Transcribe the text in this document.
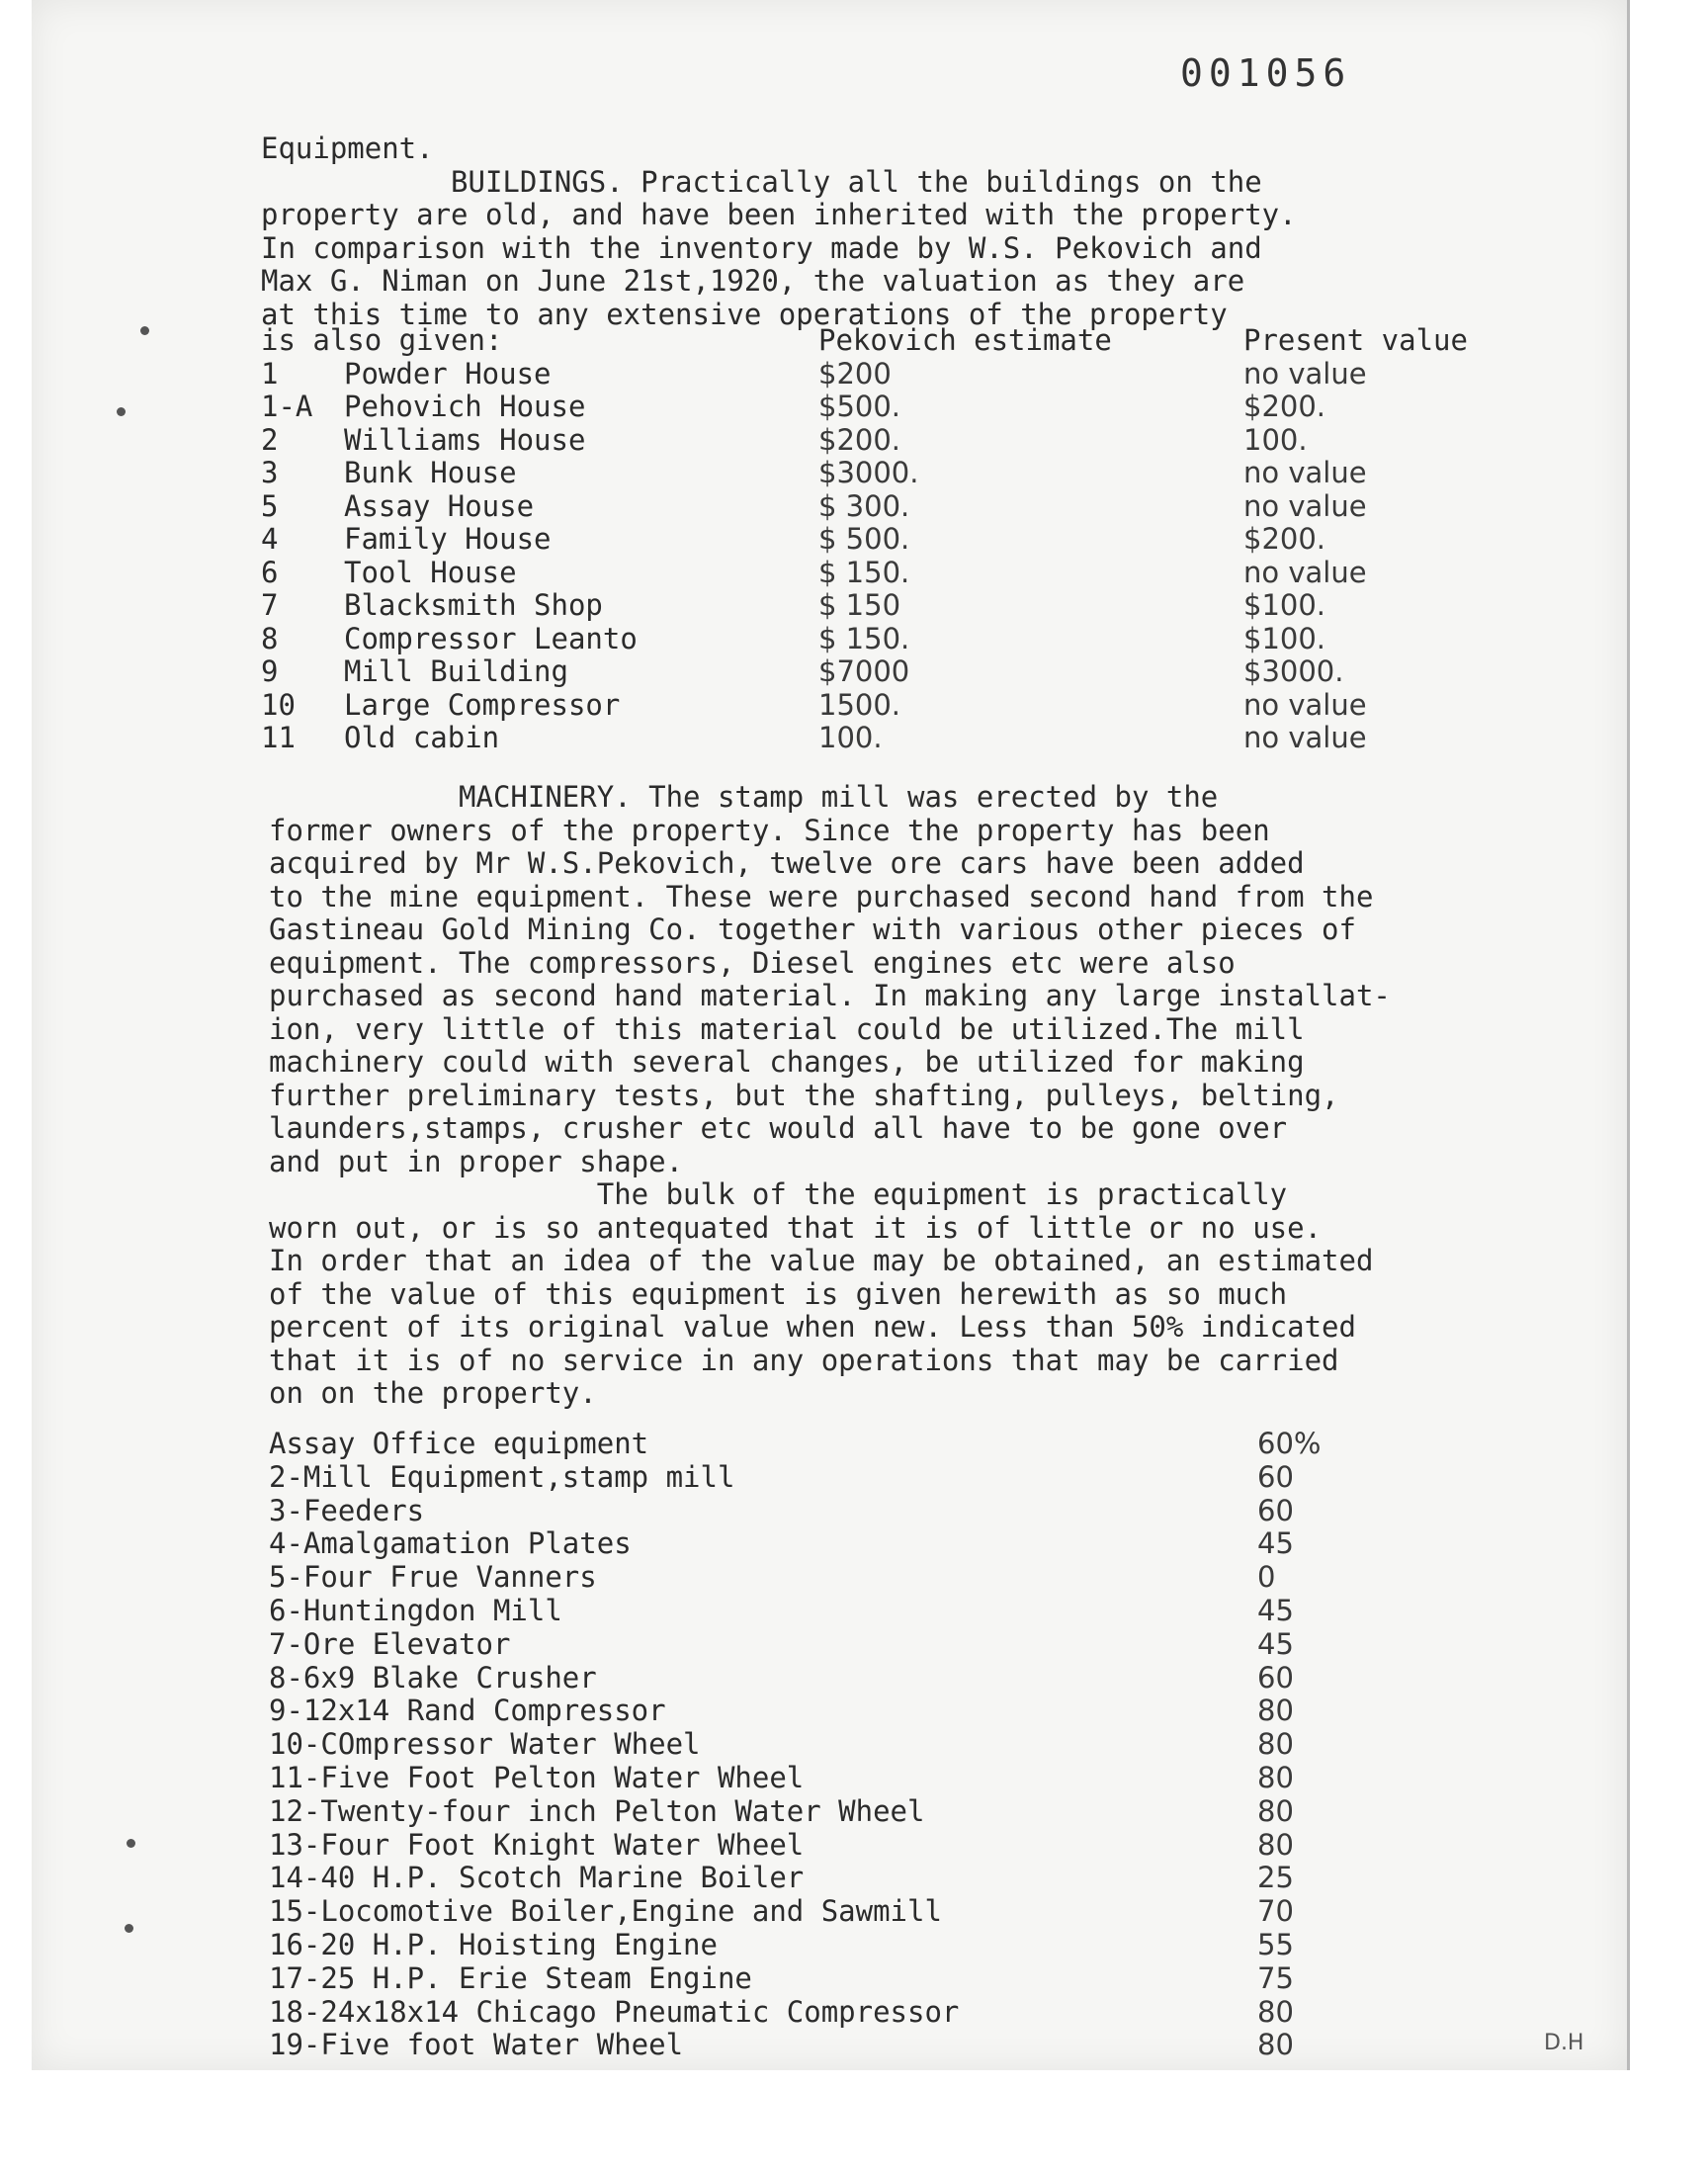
001056
Equipment.
BUILDINGS. Practically all the buildings on the
property are old, and have been inherited with the property.
In comparison with the inventory made by W.S. Pekovich and
Max G. Niman on June 21st,1920, the valuation as they are
at this time to any extensive operations of the property
is also given:		Pekovich estimate	Present value
1	Powder House	$200	no value
1-A	Pehovich House	$500.	$200.
2	Williams House	$200.	100.
3	Bunk House	$3000.	no value
5	Assay House	$ 300.	no value
4	Family House	$ 500.	$200.
6	Tool House	$ 150.	no value
7	Blacksmith Shop	$ 150	$100.
8	Compressor Leanto	$ 150.	$100.
9	Mill Building	$7000	$3000.
10	Large Compressor	1500.	no value
11	Old cabin	100.	no value
MACHINERY. The stamp mill was erected by the
former owners of the property. Since the property has been
acquired by Mr W.S.Pekovich, twelve ore cars have been added
to the mine equipment. These were purchased second hand from the
Gastineau Gold Mining Co. together with various other pieces of
equipment. The compressors, Diesel engines etc were also
purchased as second hand material. In making any large installat-
ion, very little of this material could be utilized.The mill
machinery could with several changes, be utilized for making
further preliminary tests, but the shafting, pulleys, belting,
launders,stamps, crusher etc would all have to be gone over
and put in proper shape.
The bulk of the equipment is practically
worn out, or is so antequated that it is of little or no use.
In order that an idea of the value may be obtained, an estimated
of the value of this equipment is given herewith as so much
percent of its original value when new. Less than 50% indicated
that it is of no service in any operations that may be carried
on on the property.
Assay Office equipment	60%
2-Mill Equipment,stamp mill	60
3-Feeders	60
4-Amalgamation Plates	45
5-Four Frue Vanners	0
6-Huntingdon Mill	45
7-Ore Elevator	45
8-6x9 Blake Crusher	60
9-12x14 Rand Compressor	80
10-COmpressor Water Wheel	80
11-Five Foot Pelton Water Wheel	80
12-Twenty-four inch Pelton Water Wheel	80
13-Four Foot Knight Water Wheel	80
14-40 H.P. Scotch Marine Boiler	25
15-Locomotive Boiler,Engine and Sawmill	70
16-20 H.P. Hoisting Engine	55
17-25 H.P. Erie Steam Engine	75
18-24x18x14 Chicago Pneumatic Compressor	80
19-Five foot Water Wheel	80	D.H
